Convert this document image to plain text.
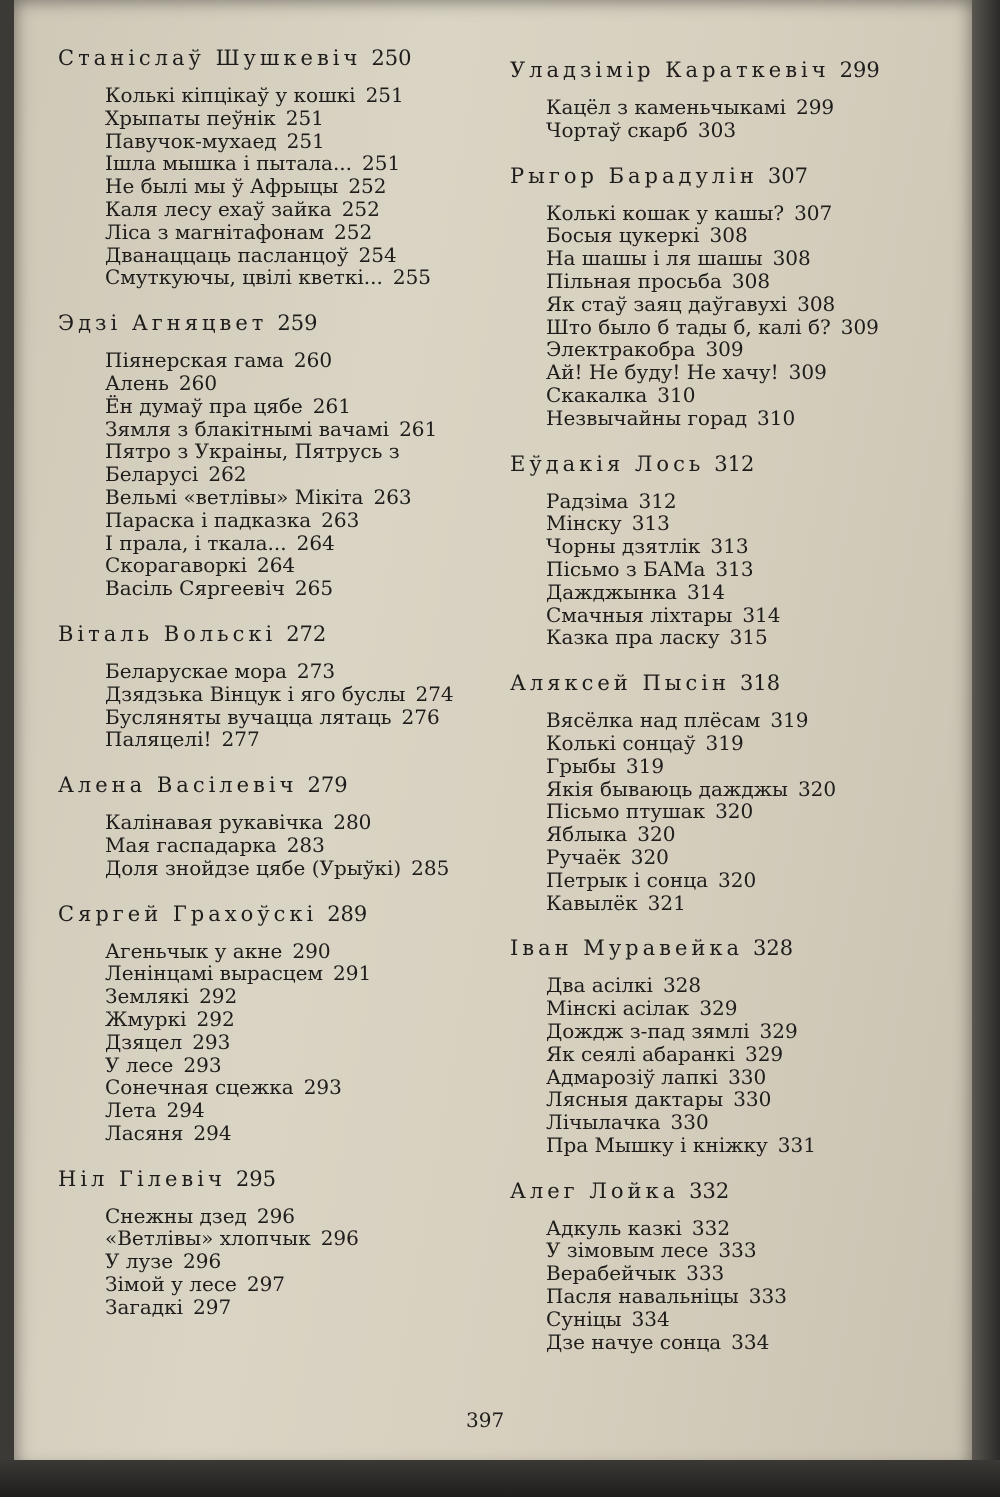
Станіслаў Шушкевіч 250
Колькі кіпцікаў у кошкі 251
Хрыпаты пеўнік 251
Павучок-мухаед 251
Ішла мышка і пытала... 251
Не былі мы ў Афрыцы 252
Каля лесу ехаў зайка 252
Ліса з магнітафонам 252
Дванаццаць пасланцоў 254
Смуткуючы, цвілі кветкі... 255
Эдзі Агняцвет 259
Піянерская гама 260
Алень 260
Ён думаў пра цябе 261
Зямля з блакітнымі вачамі 261
Пятро з Украіны, Пятрусь з Беларусі 262
Вельмі «ветлівы» Мікіта 263
Параска і падказка 263
І прала, і ткала... 264
Скорагаворкі 264
Васіль Сяргеевіч 265
Віталь Вольскі 272
Беларускае мора 273
Дзядзька Вінцук і яго буслы 274
Бусляняты вучацца лятаць 276
Паляцелі! 277
Алена Васілевіч 279
Калінавая рукавічка 280
Мая гаспадарка 283
Доля знойдзе цябе (Урыўкі) 285
Сяргей Грахоўскі 289
Агеньчык у акне 290
Ленінцамі вырасцем 291
Землякі 292
Жмуркі 292
Дзяцел 293
У лесе 293
Сонечная сцежка 293
Лета 294
Ласяня 294
Ніл Гілевіч 295
Снежны дзед 296
«Ветлівы» хлопчык 296
У лузе 296
Зімой у лесе 297
Загадкі 297
Уладзімір Караткевіч 299
Кацёл з каменьчыкамі 299
Чортаў скарб 303
Рыгор Барадулін 307
Колькі кошак у кашы? 307
Босыя цукеркі 308
На шашы і ля шашы 308
Пільная просьба 308
Як стаў заяц даўгавухі 308
Што было б тады б, калі б? 309
Электракобра 309
Ай! Не буду! Не хачу! 309
Скакалка 310
Незвычайны горад 310
Еўдакія Лось 312
Радзіма 312
Мінску 313
Чорны дзятлік 313
Пісьмо з БАМа 313
Дажджынка 314
Смачныя ліхтары 314
Казка пра ласку 315
Аляксей Пысін 318
Вясёлка над плёсам 319
Колькі сонцаў 319
Грыбы 319
Якія бываюць дажджы 320
Пісьмо птушак 320
Яблыка 320
Ручаёк 320
Петрык і сонца 320
Кавылёк 321
Іван Муравейка 328
Два асілкі 328
Мінскі асілак 329
Дождж з-пад зямлі 329
Як сеялі абаранкі 329
Адмарозіў лапкі 330
Лясныя дактары 330
Лічылачка 330
Пра Мышку і кніжку 331
Алег Лойка 332
Адкуль казкі 332
У зімовым лесе 333
Верабейчык 333
Пасля навальніцы 333
Суніцы 334
Дзе начуе сонца 334
397
